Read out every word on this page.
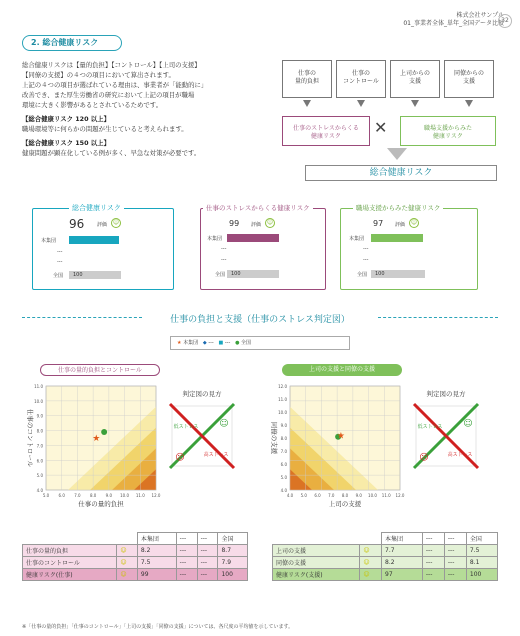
株式会社サンプル
01_事業者全体_単年_全国データ比較
32
2. 総合健康リスク
総合健康リスクは【量的負担】【コントロール】【上司の支援】
【同僚の支援】の４つの項目において算出されます。
上記の４つの項目が選ばれている理由は、事業者が「能動的に」
改善でき、また厚生労働省の研究において上記の項目が職場
環境に大きく影響があるとされているためです。
【総合健康リスク 120 以上】
職場環境等に何らかの問題が生じていると考えられます。
【総合健康リスク 150 以上】
健康問題が顕在化している例が多く、早急な対策が必要です。
仕事の
量的負担
仕事の
コントロール
上司からの
支援
同僚からの
支援
仕事のストレスからくる
健康リスク	✕	職場支援からみた
健康リスク
総合健康リスク
総合健康リスク
96	評価 ☺
本集団
---
---
全国	100
仕事のストレスからくる健康リスク
99 評価 ☺
本集団
---
---
全国	100
職場支援からみた健康リスク
97 評価 ☺
本集団
---
---
全国	100
仕事の負担と支援（仕事のストレス判定図）
★ 本集団 ◆ --- ■ --- ● 全国
仕事の量的負担とコントロール	上司の支援と同僚の支援
11.0
10.0
9.0
8.0
7.0
6.0
5.0
4.0
5.0 6.0 7.0 8.0 9.0 10.0 11.0 12.0
仕事の量的負担
仕事のコントロール	★
判定図の見方
低ストレス
高ストレス
☺
☹
12.0
11.0
10.0
9.0
8.0
7.0
6.0
5.0
4.0
4.0 5.0 6.0 7.0 8.0 9.0 10.0 11.0 12.0
上司の支援
同僚の支援	★
判定図の見方
低ストレス
高ストレス
☺
☹
		本集団	---	---	全国
仕事の量的負担	☺	8.2	---	---	8.7
仕事のコントロール	☺	7.5	---	---	7.9
健康リスク(仕事)	☺	99	---	---	100
		本集団	---	---	全国
上司の支援	☺	7.7	---	---	7.5
同僚の支援	☺	8.2	---	---	8.1
健康リスク(支援)	☺	97	---	---	100
※「仕事の量的負担」「仕事のコントロール」「上司の支援」「同僚の支援」については、各尺度の平均値を示しています。
